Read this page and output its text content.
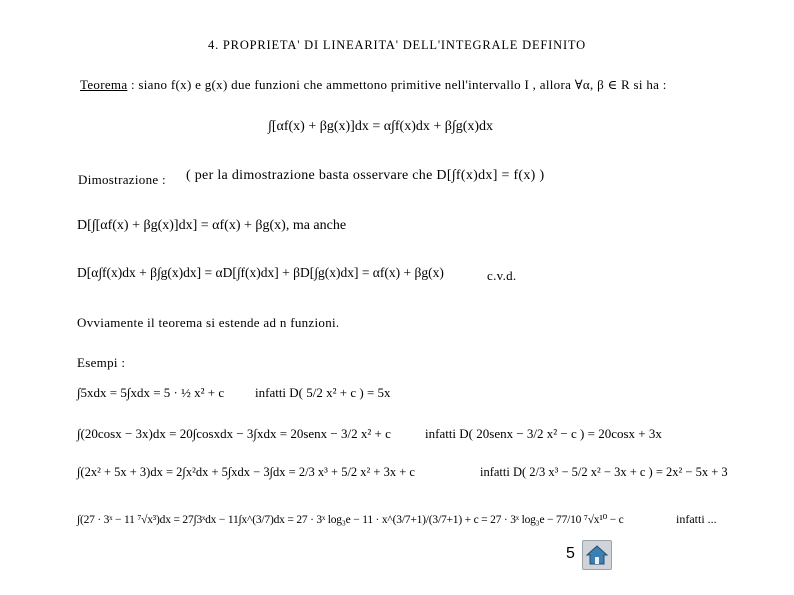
4. PROPRIETA' DI LINEARITA' DELL'INTEGRALE DEFINITO
Teorema : siano f(x) e g(x) due funzioni che ammettono primitive nell'intervallo I , allora ∀α, β ∈ R si ha :
∫[αf(x) + βg(x)]dx = α∫f(x)dx + β∫g(x)dx
Dimostrazione : ( per la dimostrazione basta osservare che D[∫f(x)dx] = f(x) )
D[∫[αf(x) + βg(x)]dx] = αf(x) + βg(x), ma anche
D[α∫f(x)dx + β∫g(x)dx] = αD[∫f(x)dx] + βD[∫g(x)dx] = αf(x) + βg(x)	c.v.d.
Ovviamente il teorema si estende ad n funzioni.
Esempi :
∫5xdx = 5∫xdx = 5 · ½ x² + c infatti D( 5/2 x² + c ) = 5x
∫(20cosx − 3x)dx = 20∫cosxdx − 3∫xdx = 20senx − 3/2 x² + c	infatti D( 20senx − 3/2 x² − c ) = 20cosx + 3x
∫(2x² + 5x + 3)dx = 2∫x²dx + 5∫xdx − 3∫dx = 2/3 x³ + 5/2 x² + 3x + c	infatti D( 2/3 x³ − 5/2 x² − 3x + c ) = 2x² − 5x + 3
∫(27 · 3ˣ − 11 ⁷√x³)dx = 27∫3ˣdx − 11∫x^(3/7)dx = 27 · 3ˣ log₃e − 11 · x^(3/7+1)/(3/7+1) + c = 27 · 3ˣ log₃e − 77/10 ⁷√x¹⁰ − c	infatti ...
5
